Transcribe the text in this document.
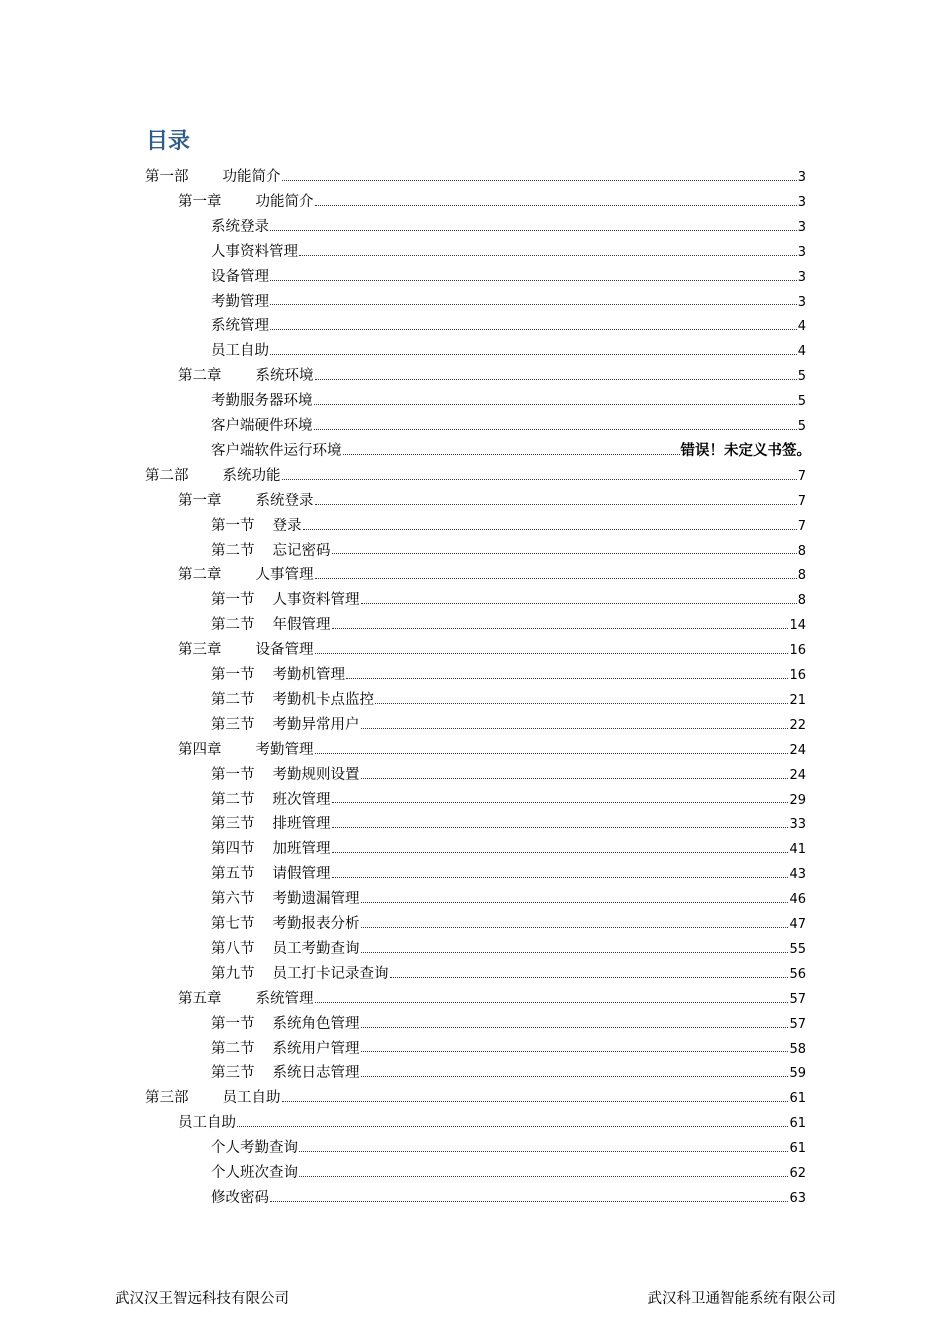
目录
第一部 功能简介	3
第一章 功能简介	3
系统登录	3
人事资料管理	3
设备管理	3
考勤管理	3
系统管理	4
员工自助	4
第二章 系统环境	5
考勤服务器环境	5
客户端硬件环境	5
客户端软件运行环境	错误！未定义书签。
第二部 系统功能	7
第一章 系统登录	7
第一节 登录	7
第二节 忘记密码	8
第二章 人事管理	8
第一节 人事资料管理	8
第二节 年假管理	14
第三章 设备管理	16
第一节 考勤机管理	16
第二节 考勤机卡点监控	21
第三节 考勤异常用户	22
第四章 考勤管理	24
第一节 考勤规则设置	24
第二节 班次管理	29
第三节 排班管理	33
第四节 加班管理	41
第五节 请假管理	43
第六节 考勤遗漏管理	46
第七节 考勤报表分析	47
第八节 员工考勤查询	55
第九节 员工打卡记录查询	56
第五章 系统管理	57
第一节 系统角色管理	57
第二节 系统用户管理	58
第三节 系统日志管理	59
第三部 员工自助	61
员工自助	61
个人考勤查询	61
个人班次查询	62
修改密码	63
武汉汉王智远科技有限公司	武汉科卫通智能系统有限公司
